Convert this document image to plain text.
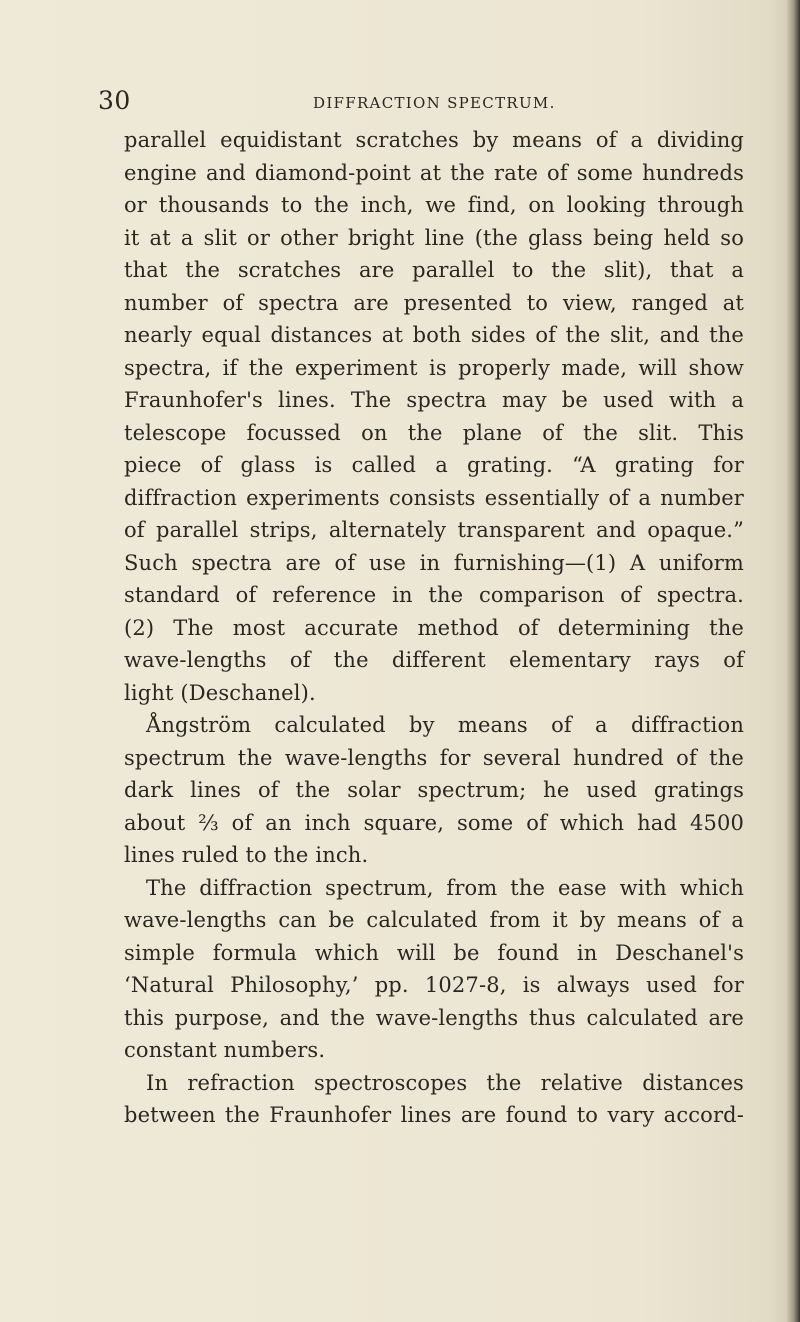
30	DIFFRACTION SPECTRUM.
parallel equidistant scratches by means of a dividing
engine and diamond-point at the rate of some hundreds
or thousands to the inch, we find, on looking through
it at a slit or other bright line (the glass being held so
that the scratches are parallel to the slit), that a
number of spectra are presented to view, ranged at
nearly equal distances at both sides of the slit, and the
spectra, if the experiment is properly made, will show
Fraunhofer's lines. The spectra may be used with a
telescope focussed on the plane of the slit. This
piece of glass is called a grating. “A grating for
diffraction experiments consists essentially of a number
of parallel strips, alternately transparent and opaque.”
Such spectra are of use in furnishing—(1) A uniform
standard of reference in the comparison of spectra.
(2) The most accurate method of determining the
wave-lengths of the different elementary rays of
light (Deschanel).
Ångström calculated by means of a diffraction
spectrum the wave-lengths for several hundred of the
dark lines of the solar spectrum; he used gratings
about ⅔ of an inch square, some of which had 4500
lines ruled to the inch.
The diffraction spectrum, from the ease with which
wave-lengths can be calculated from it by means of a
simple formula which will be found in Deschanel's
‘Natural Philosophy,’ pp. 1027-8, is always used for
this purpose, and the wave-lengths thus calculated are
constant numbers.
In refraction spectroscopes the relative distances
between the Fraunhofer lines are found to vary accord-
